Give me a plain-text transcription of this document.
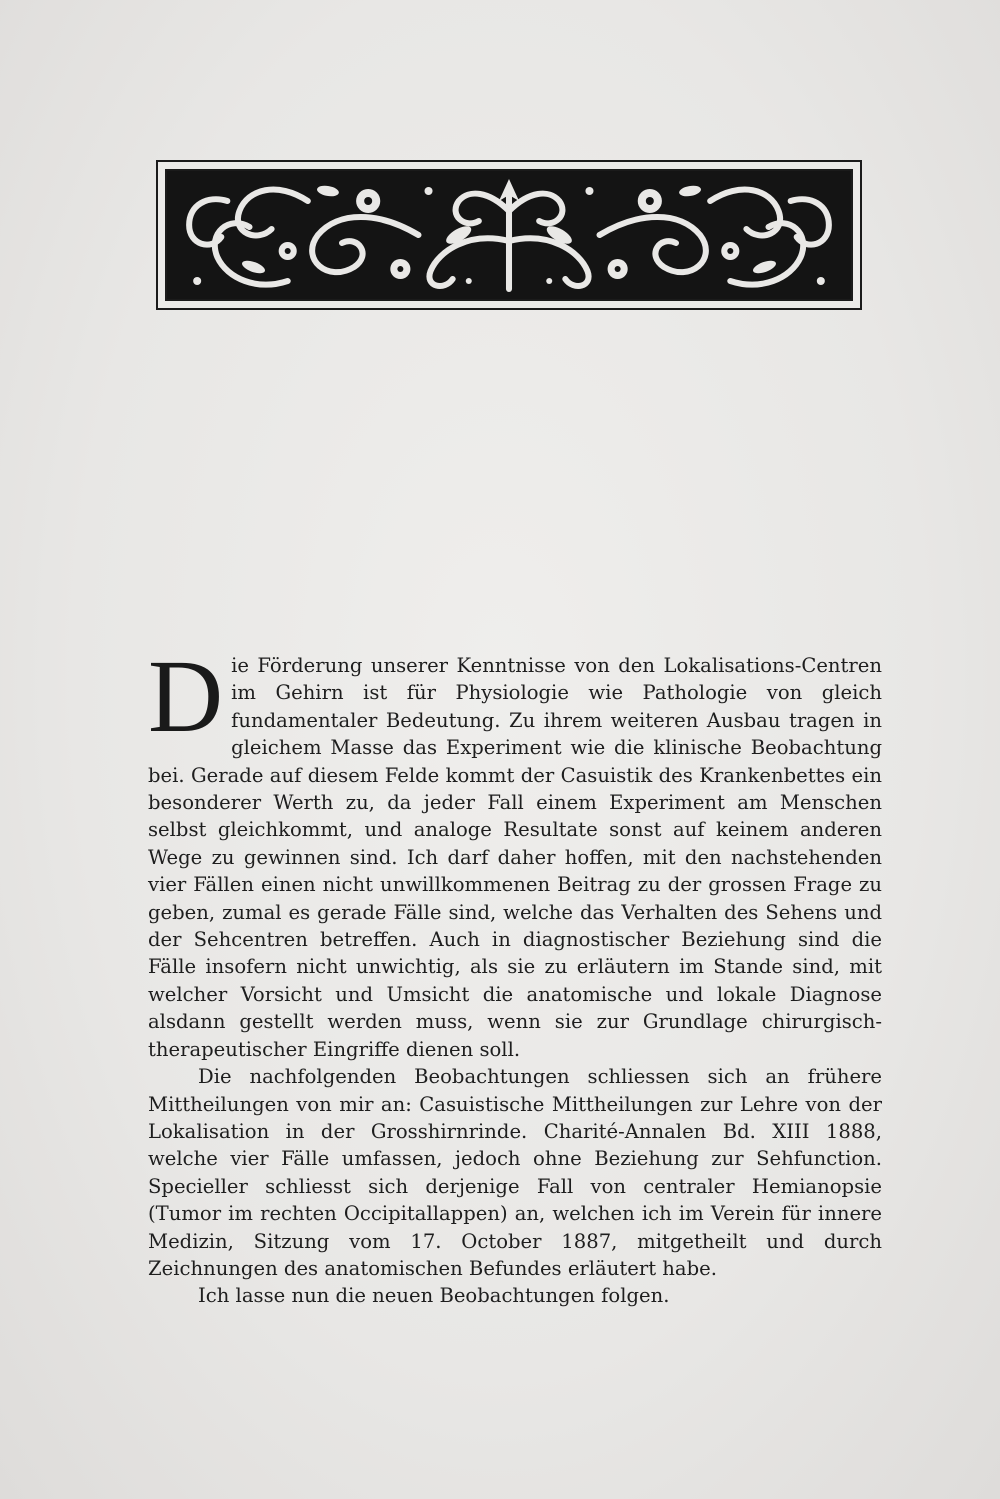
Die Förderung unserer Kenntnisse von den Lokalisations-Centren im Gehirn ist für Physiologie wie Pathologie von gleich fundamentaler Bedeutung. Zu ihrem weiteren Ausbau tragen in gleichem Masse das Experiment wie die klinische Beobachtung bei. Gerade auf diesem Felde kommt der Casuistik des Krankenbettes ein besonderer Werth zu, da jeder Fall einem Experiment am Menschen selbst gleichkommt, und analoge Resultate sonst auf keinem anderen Wege zu gewinnen sind. Ich darf daher hoffen, mit den nachstehenden vier Fällen einen nicht unwillkommenen Beitrag zu der grossen Frage zu geben, zumal es gerade Fälle sind, welche das Verhalten des Sehens und der Sehcentren betreffen. Auch in diagnostischer Beziehung sind die Fälle insofern nicht unwichtig, als sie zu erläutern im Stande sind, mit welcher Vorsicht und Umsicht die anatomische und lokale Diagnose alsdann gestellt werden muss, wenn sie zur Grundlage chirurgisch-therapeutischer Eingriffe dienen soll.

Die nachfolgenden Beobachtungen schliessen sich an frühere Mittheilungen von mir an: Casuistische Mittheilungen zur Lehre von der Lokalisation in der Grosshirnrinde. Charité-Annalen Bd. XIII 1888, welche vier Fälle umfassen, jedoch ohne Beziehung zur Sehfunction. Specieller schliesst sich derjenige Fall von centraler Hemianopsie (Tumor im rechten Occipitallappen) an, welchen ich im Verein für innere Medizin, Sitzung vom 17. October 1887, mitgetheilt und durch Zeichnungen des anatomischen Befundes erläutert habe.

Ich lasse nun die neuen Beobachtungen folgen.
